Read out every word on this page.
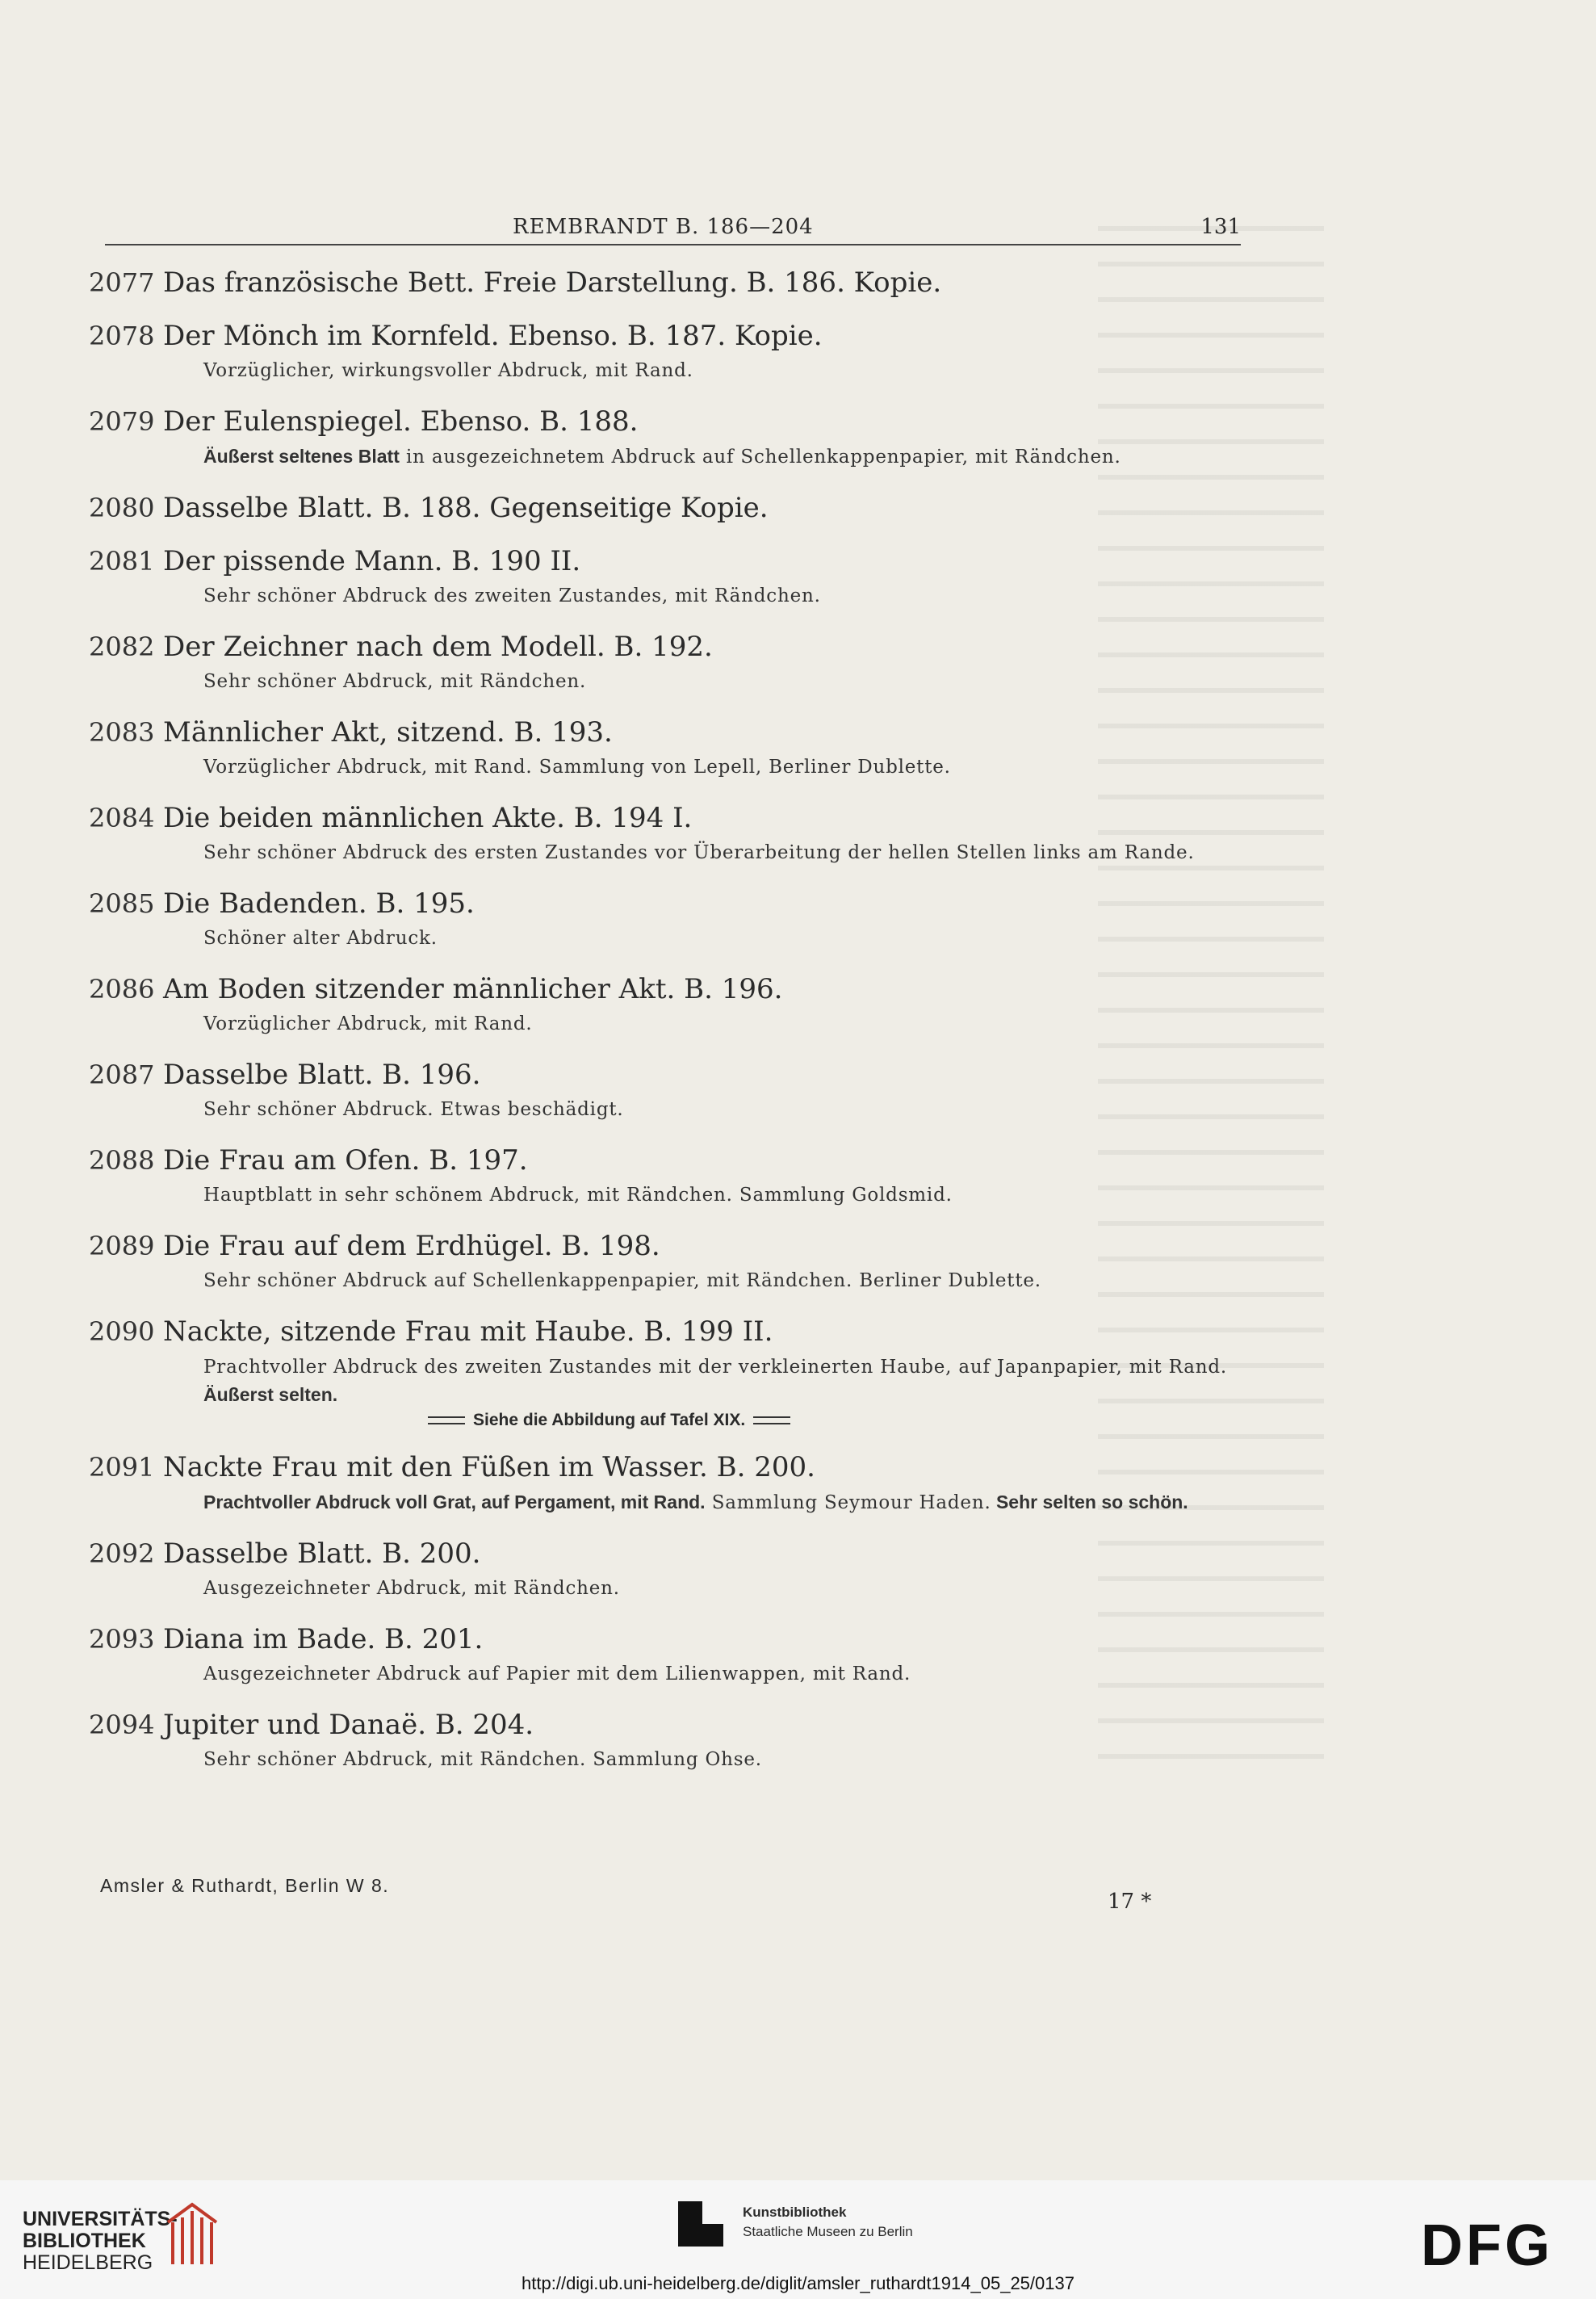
REMBRANDT B. 186—204	131
2077 Das französische Bett. Freie Darstellung. B. 186. Kopie.
2078 Der Mönch im Kornfeld. Ebenso. B. 187. Kopie.
Vorzüglicher, wirkungsvoller Abdruck, mit Rand.
2079 Der Eulenspiegel. Ebenso. B. 188.
Äußerst seltenes Blatt in ausgezeichnetem Abdruck auf Schellenkappenpapier, mit Rändchen.
2080 Dasselbe Blatt. B. 188. Gegenseitige Kopie.
2081 Der pissende Mann. B. 190 II.
Sehr schöner Abdruck des zweiten Zustandes, mit Rändchen.
2082 Der Zeichner nach dem Modell. B. 192.
Sehr schöner Abdruck, mit Rändchen.
2083 Männlicher Akt, sitzend. B. 193.
Vorzüglicher Abdruck, mit Rand. Sammlung von Lepell, Berliner Dublette.
2084 Die beiden männlichen Akte. B. 194 I.
Sehr schöner Abdruck des ersten Zustandes vor Überarbeitung der hellen Stellen links am Rande.
2085 Die Badenden. B. 195.
Schöner alter Abdruck.
2086 Am Boden sitzender männlicher Akt. B. 196.
Vorzüglicher Abdruck, mit Rand.
2087 Dasselbe Blatt. B. 196.
Sehr schöner Abdruck. Etwas beschädigt.
2088 Die Frau am Ofen. B. 197.
Hauptblatt in sehr schönem Abdruck, mit Rändchen. Sammlung Goldsmid.
2089 Die Frau auf dem Erdhügel. B. 198.
Sehr schöner Abdruck auf Schellenkappenpapier, mit Rändchen. Berliner Dublette.
2090 Nackte, sitzende Frau mit Haube. B. 199 II.
Prachtvoller Abdruck des zweiten Zustandes mit der verkleinerten Haube, auf Japanpapier, mit Rand. Äußerst selten.
Siehe die Abbildung auf Tafel XIX.
2091 Nackte Frau mit den Füßen im Wasser. B. 200.
Prachtvoller Abdruck voll Grat, auf Pergament, mit Rand. Sammlung Seymour Haden. Sehr selten so schön.
2092 Dasselbe Blatt. B. 200.
Ausgezeichneter Abdruck, mit Rändchen.
2093 Diana im Bade. B. 201.
Ausgezeichneter Abdruck auf Papier mit dem Lilienwappen, mit Rand.
2094 Jupiter und Danaë. B. 204.
Sehr schöner Abdruck, mit Rändchen. Sammlung Ohse.
Amsler & Ruthardt, Berlin W 8.
17 *
UNIVERSITÄTS-
BIBLIOTHEK
HEIDELBERG
Kunstbibliothek
Staatliche Museen zu Berlin	DFG
http://digi.ub.uni-heidelberg.de/diglit/amsler_ruthardt1914_05_25/0137
